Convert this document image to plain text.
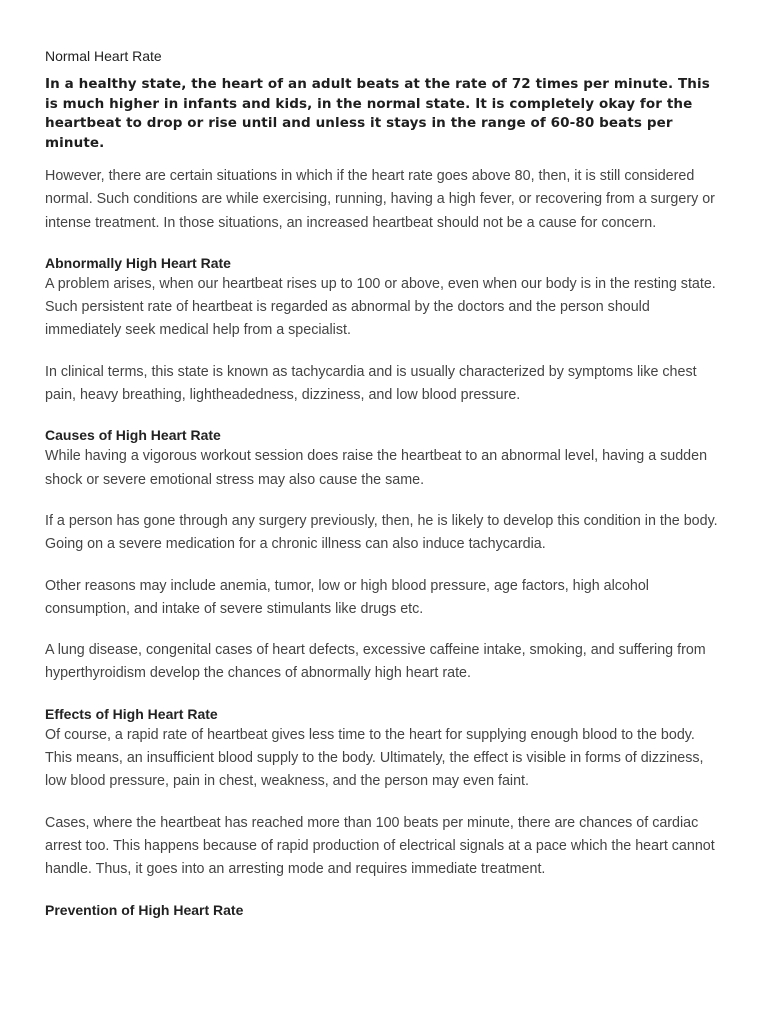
Normal Heart Rate

In a healthy state, the heart of an adult beats at the rate of 72 times per minute. This is much higher in infants and kids, in the normal state. It is completely okay for the heartbeat to drop or rise until and unless it stays in the range of 60-80 beats per minute.

However, there are certain situations in which if the heart rate goes above 80, then, it is still considered normal. Such conditions are while exercising, running, having a high fever, or recovering from a surgery or intense treatment. In those situations, an increased heartbeat should not be a cause for concern.

Abnormally High Heart Rate

A problem arises, when our heartbeat rises up to 100 or above, even when our body is in the resting state. Such persistent rate of heartbeat is regarded as abnormal by the doctors and the person should immediately seek medical help from a specialist.

In clinical terms, this state is known as tachycardia and is usually characterized by symptoms like chest pain, heavy breathing, lightheadedness, dizziness, and low blood pressure.

Causes of High Heart Rate

While having a vigorous workout session does raise the heartbeat to an abnormal level, having a sudden shock or severe emotional stress may also cause the same.

If a person has gone through any surgery previously, then, he is likely to develop this condition in the body. Going on a severe medication for a chronic illness can also induce tachycardia.

Other reasons may include anemia, tumor, low or high blood pressure, age factors, high alcohol consumption, and intake of severe stimulants like drugs etc.

A lung disease, congenital cases of heart defects, excessive caffeine intake, smoking, and suffering from hyperthyroidism develop the chances of abnormally high heart rate.

Effects of High Heart Rate

Of course, a rapid rate of heartbeat gives less time to the heart for supplying enough blood to the body. This means, an insufficient blood supply to the body. Ultimately, the effect is visible in forms of dizziness, low blood pressure, pain in chest, weakness, and the person may even faint.

Cases, where the heartbeat has reached more than 100 beats per minute, there are chances of cardiac arrest too. This happens because of rapid production of electrical signals at a pace which the heart cannot handle. Thus, it goes into an arresting mode and requires immediate treatment.

Prevention of High Heart Rate
